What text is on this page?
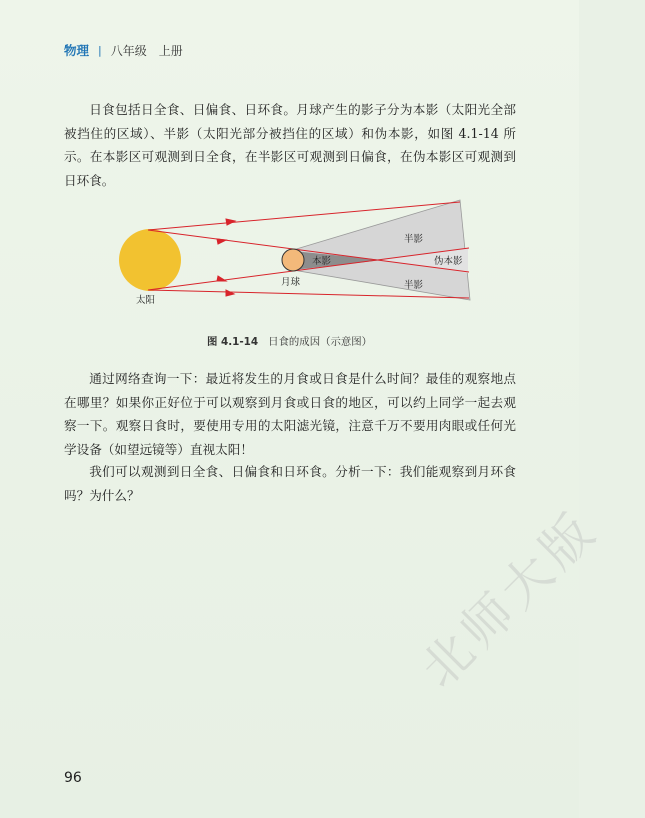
物理 | 八年级　上册

日食包括日全食、日偏食、日环食。月球产生的影子分为本影（太阳光全部被挡住的区域）、半影（太阳光部分被挡住的区域）和伪本影，如图 4.1-14 所示。在本影区可观测到日全食，在半影区可观测到日偏食，在伪本影区可观测到日环食。

太阳
月球
本影
半影
半影
伪本影
图 4.1-14 日食的成因（示意图）

通过网络查询一下：最近将发生的月食或日食是什么时间？最佳的观察地点在哪里？如果你正好位于可以观察到月食或日食的地区，可以约上同学一起去观察一下。观察日食时，要使用专用的太阳滤光镜，注意千万不要用肉眼或任何光学设备（如望远镜等）直视太阳！

我们可以观测到日全食、日偏食和日环食。分析一下：我们能观察到月环食吗？为什么？

96
北师大版
